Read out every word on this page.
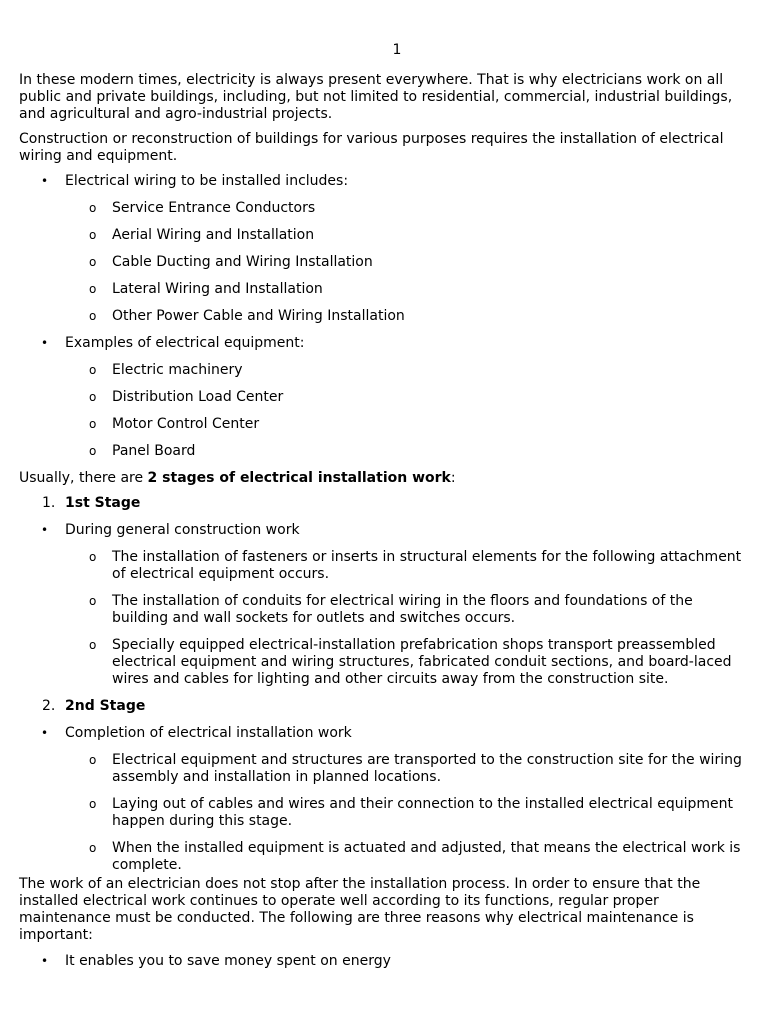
1

In these modern times, electricity is always present everywhere. That is why electricians work on all public and private buildings, including, but not limited to residential, commercial, industrial buildings, and agricultural and agro-industrial projects.

Construction or reconstruction of buildings for various purposes requires the installation of electrical wiring and equipment.

• Electrical wiring to be installed includes:
o Service Entrance Conductors
o Aerial Wiring and Installation
o Cable Ducting and Wiring Installation
o Lateral Wiring and Installation
o Other Power Cable and Wiring Installation
• Examples of electrical equipment:
o Electric machinery
o Distribution Load Center
o Motor Control Center
o Panel Board

Usually, there are 2 stages of electrical installation work:

1. 1st Stage
• During general construction work
o The installation of fasteners or inserts in structural elements for the following attachment of electrical equipment occurs.
o The installation of conduits for electrical wiring in the floors and foundations of the building and wall sockets for outlets and switches occurs.
o Specially equipped electrical-installation prefabrication shops transport preassembled electrical equipment and wiring structures, fabricated conduit sections, and board-laced wires and cables for lighting and other circuits away from the construction site.
2. 2nd Stage
• Completion of electrical installation work
o Electrical equipment and structures are transported to the construction site for the wiring assembly and installation in planned locations.
o Laying out of cables and wires and their connection to the installed electrical equipment happen during this stage.
o When the installed equipment is actuated and adjusted, that means the electrical work is complete.

The work of an electrician does not stop after the installation process. In order to ensure that the installed electrical work continues to operate well according to its functions, regular proper maintenance must be conducted. The following are three reasons why electrical maintenance is important:

• It enables you to save money spent on energy
